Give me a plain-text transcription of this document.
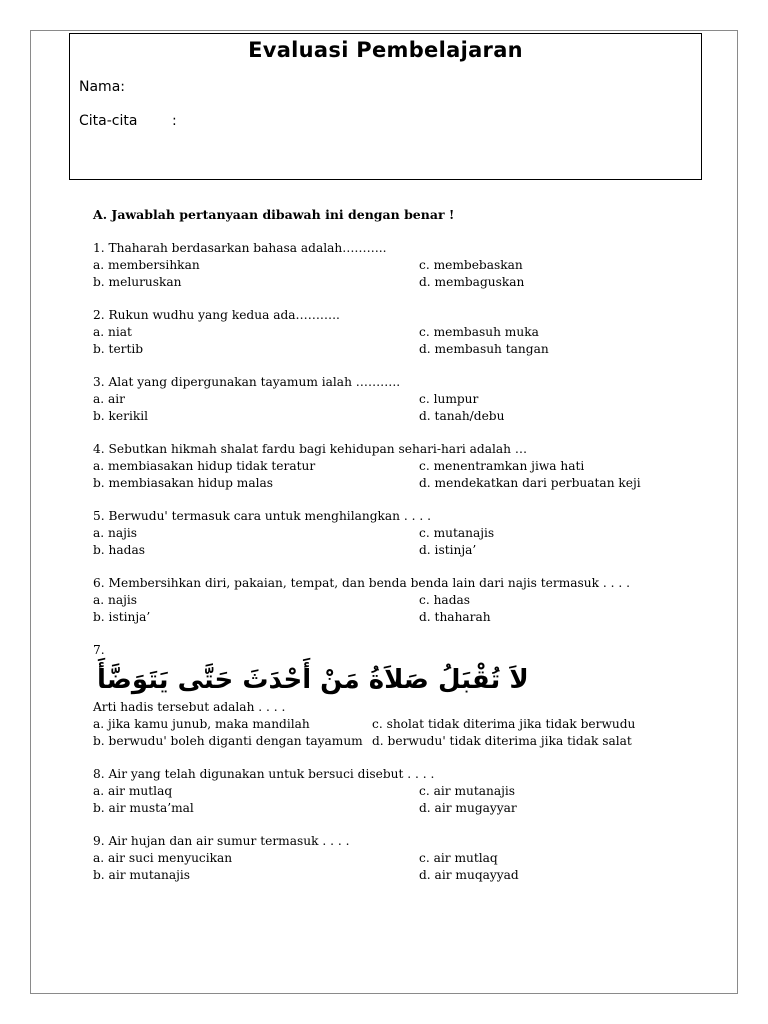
Evaluasi Pembelajaran
Nama:
Cita-cita :
A. Jawablah pertanyaan dibawah ini dengan benar !
1. Thaharah berdasarkan bahasa adalah………..
a. membersihkan	c. membebaskan
b. meluruskan	d. membaguskan
2. Rukun wudhu yang kedua ada………..
a. niat	c. membasuh muka
b. tertib	d. membasuh tangan
3. Alat yang dipergunakan tayamum ialah ………..
a. air	c. lumpur
b. kerikil	d. tanah/debu
4. Sebutkan hikmah shalat fardu bagi kehidupan sehari-hari adalah …
a. membiasakan hidup tidak teratur	c. menentramkan jiwa hati
b. membiasakan hidup malas	d. mendekatkan dari perbuatan keji
5. Berwudu' termasuk cara untuk menghilangkan . . . .
a. najis	c. mutanajis
b. hadas	d. istinja’
6. Membersihkan diri, pakaian, tempat, dan benda benda lain dari najis termasuk . . . .
a. najis	c. hadas
b. istinja’	d. thaharah
7.
لاَ تُقْبَلُ صَلاَةُ مَنْ أَحْدَثَ حَتَّى يَتَوَضَّأَ
Arti hadis tersebut adalah . . . .
a. jika kamu junub, maka mandilah	c. sholat tidak diterima jika tidak berwudu
b. berwudu' boleh diganti dengan tayamum d. berwudu' tidak diterima jika tidak salat
8. Air yang telah digunakan untuk bersuci disebut . . . .
a. air mutlaq	c. air mutanajis
b. air musta’mal	d. air mugayyar
9. Air hujan dan air sumur termasuk . . . .
a. air suci menyucikan	c. air mutlaq
b. air mutanajis	d. air muqayyad
